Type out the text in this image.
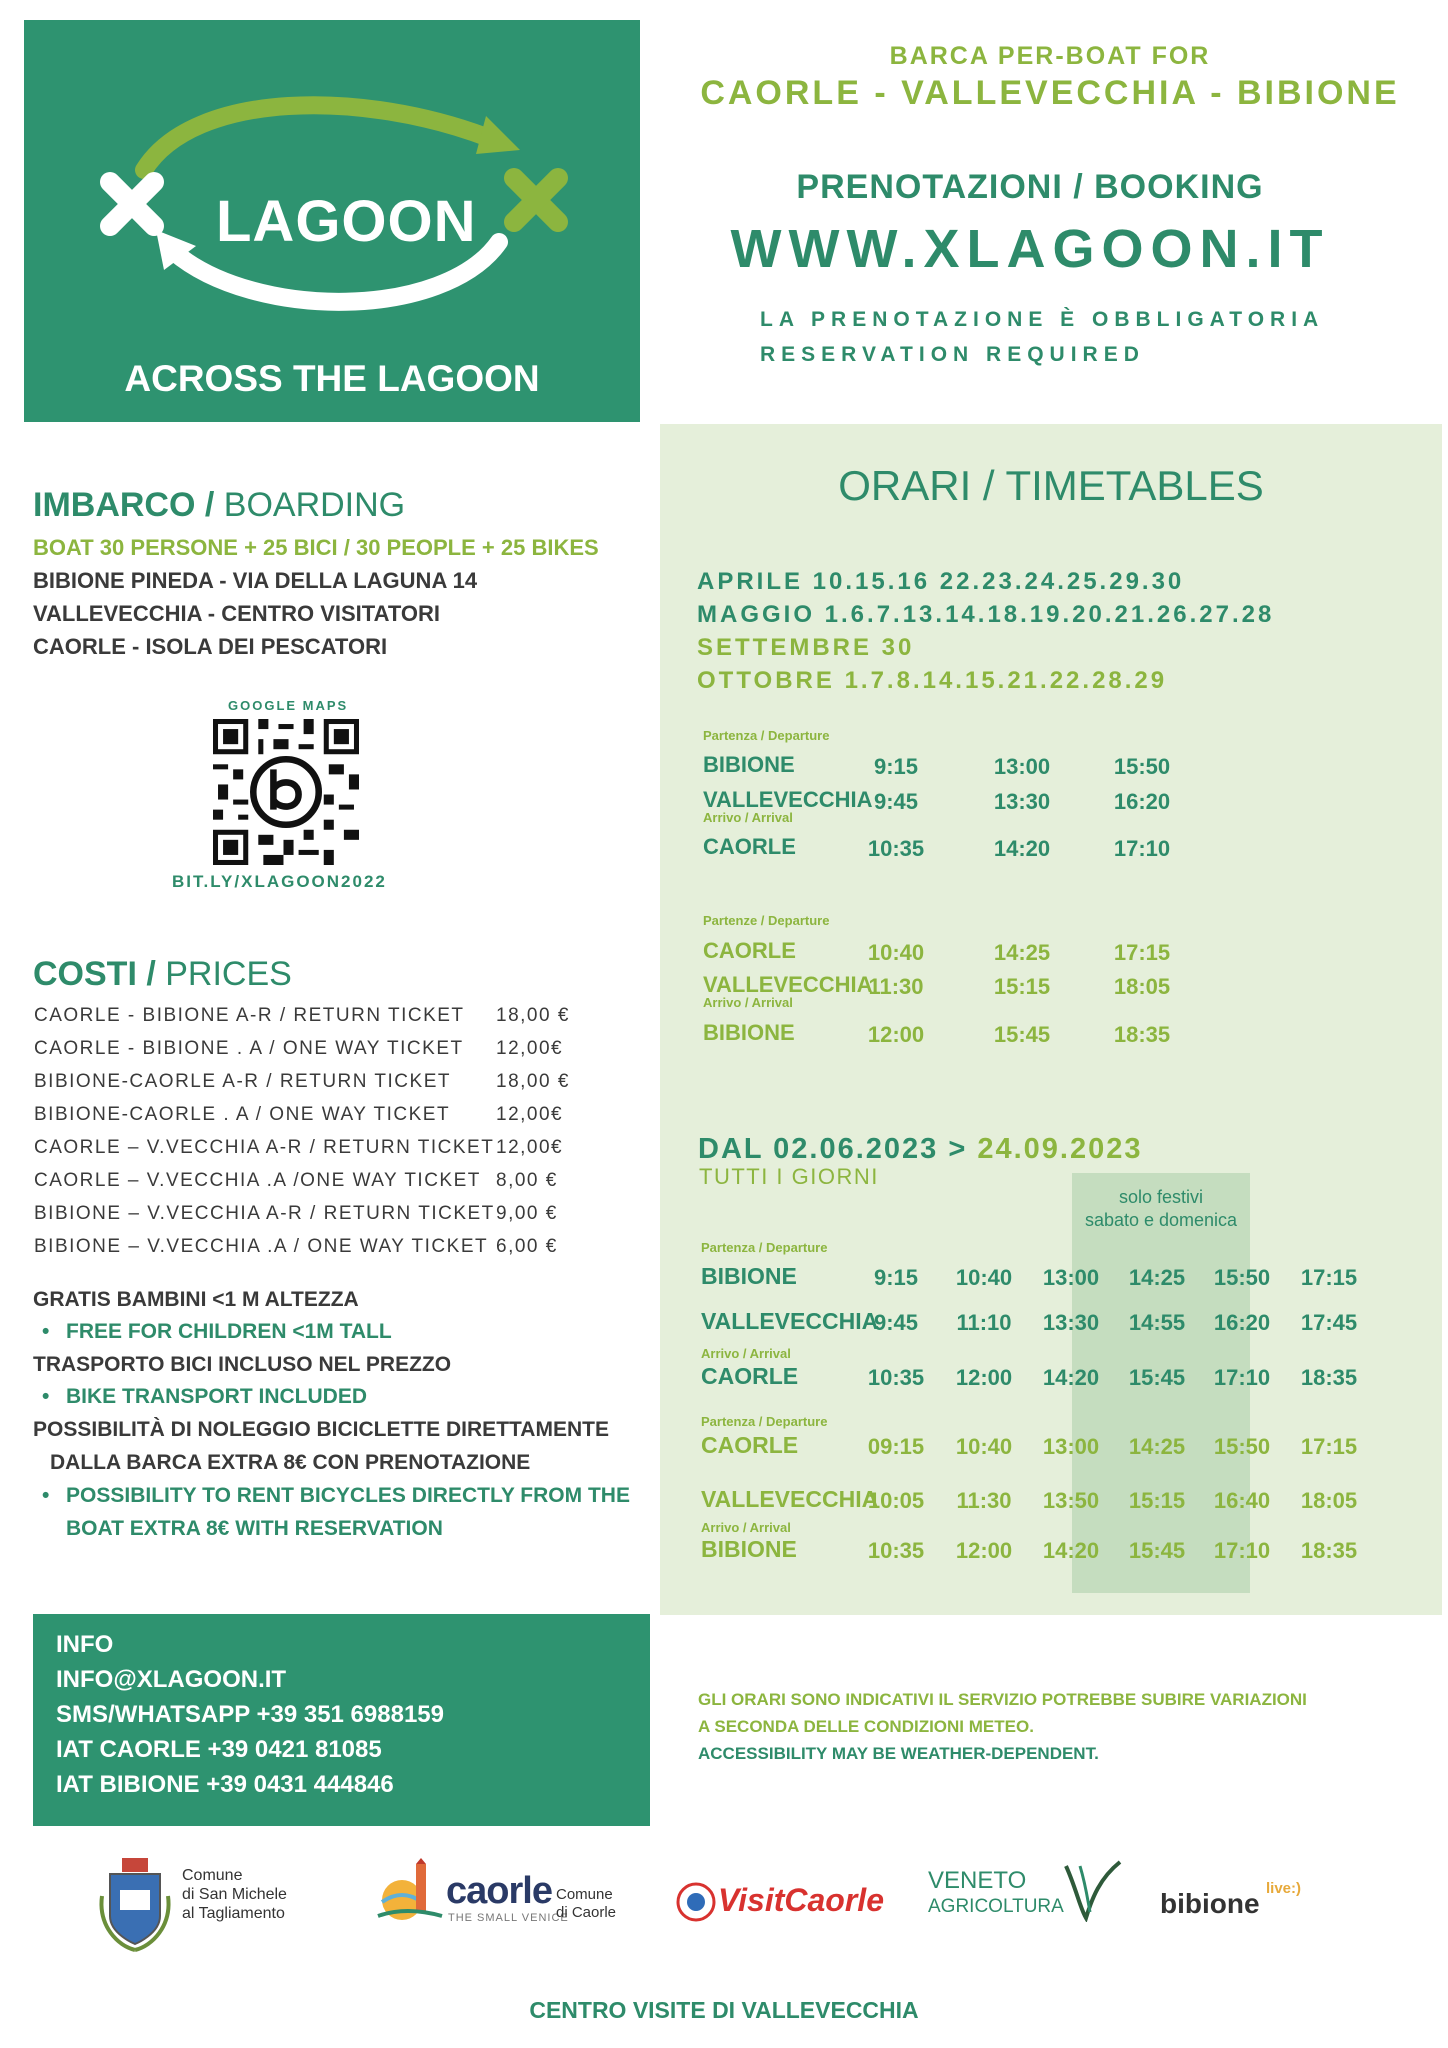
LAGOON
ACROSS THE LAGOON
BARCA PER-BOAT FOR
CAORLE - VALLEVECCHIA - BIBIONE
PRENOTAZIONI / BOOKING
WWW.XLAGOON.IT
LA PRENOTAZIONE È OBBLIGATORIA
RESERVATION REQUIRED
IMBARCO / BOARDING
BOAT 30 PERSONE + 25 BICI / 30 PEOPLE + 25 BIKES
BIBIONE PINEDA - VIA DELLA LAGUNA 14
VALLEVECCHIA - CENTRO VISITATORI
CAORLE - ISOLA DEI PESCATORI
GOOGLE MAPS
BIT.LY/XLAGOON2022
COSTI / PRICES
CAORLE - BIBIONE A-R / RETURN TICKET 18,00 €
CAORLE - BIBIONE . A / ONE WAY TICKET 12,00€
BIBIONE-CAORLE A-R / RETURN TICKET 18,00 €
BIBIONE-CAORLE . A / ONE WAY TICKET 12,00€
CAORLE – V.VECCHIA A-R / RETURN TICKET 12,00€
CAORLE – V.VECCHIA .A /ONE WAY TICKET 8,00 €
BIBIONE – V.VECCHIA A-R / RETURN TICKET 9,00 €
BIBIONE – V.VECCHIA .A / ONE WAY TICKET 6,00 €
GRATIS BAMBINI <1 M ALTEZZA
• FREE FOR CHILDREN <1M TALL
TRASPORTO BICI INCLUSO NEL PREZZO
• BIKE TRANSPORT INCLUDED
POSSIBILITÀ DI NOLEGGIO BICICLETTE DIRETTAMENTE
DALLA BARCA EXTRA 8€ CON PRENOTAZIONE
• POSSIBILITY TO RENT BICYCLES DIRECTLY FROM THE
BOAT EXTRA 8€ WITH RESERVATION
INFO
INFO@XLAGOON.IT
SMS/WHATSAPP +39 351 6988159
IAT CAORLE +39 0421 81085
IAT BIBIONE +39 0431 444846
ORARI / TIMETABLES
APRILE 10.15.16 22.23.24.25.29.30
MAGGIO 1.6.7.13.14.18.19.20.21.26.27.28
SETTEMBRE 30
OTTOBRE 1.7.8.14.15.21.22.28.29
DAL 02.06.2023 > 24.09.2023
TUTTI I GIORNI
solo festivi
sabato e domenica
Partenza / Departure
Arrivo / Arrival
BIBIONE	9:15	13:00	15:50
VALLEVECCHIA 9:45	13:30	16:20
CAORLE	10:35	14:20	17:10
Partenze / Departure
Arrivo / Arrival
CAORLE	10:40	14:25	17:15
VALLEVECCHIA
11:30	15:15	18:05
BIBIONE	12:00	15:45	18:35
Partenza / Departure
Arrivo / Arrival
BIBIONE	9:15	10:40	13:00	14:25	15:50	17:15
VALLEVECCHIA
9:45	11:10	13:30	14:55	16:20	17:45
CAORLE	10:35	12:00	14:20	15:45	17:10	18:35
Partenza / Departure
Arrivo / Arrival
CAORLE	09:15	10:40	13:00	14:25	15:50	17:15
VALLEVECCHIA
10:05	11:30	13:50	15:15	16:40	18:05
BIBIONE	10:35	12:00	14:20	15:45	17:10	18:35
GLI ORARI SONO INDICATIVI IL SERVIZIO POTREBBE SUBIRE VARIAZIONI
A SECONDA DELLE CONDIZIONI METEO.
ACCESSIBILITY MAY BE WEATHER-DEPENDENT.
Comune
di San Michele
al Tagliamento
caorle
THE SMALL VENICE
Comune
di Caorle	VisitCaorle
VENETO
AGRICOLTURA	bibione live:)
CENTRO VISITE DI VALLEVECCHIA
